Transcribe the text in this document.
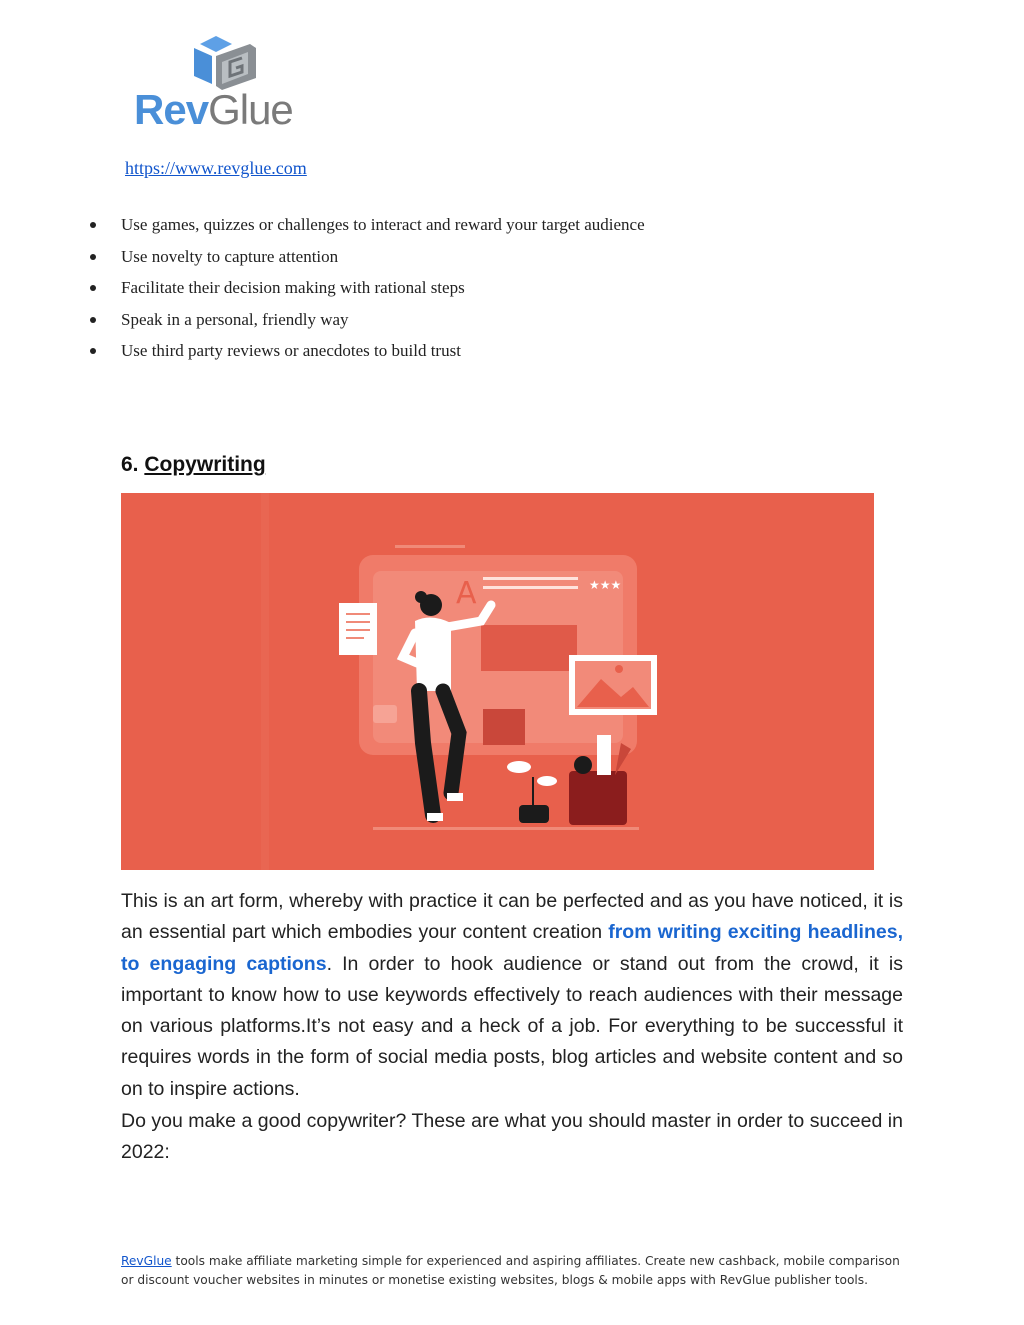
RevGlue
https://www.revglue.com
Use games, quizzes or challenges to interact and reward your target audience
Use novelty to capture attention
Facilitate their decision making with rational steps
Speak in a personal, friendly way
Use third party reviews or anecdotes to build trust
6. Copywriting
A	★★★

This is an art form, whereby with practice it can be perfected and as you have noticed, it is an essential part which embodies your content creation from writing exciting headlines, to engaging captions. In order to hook audience or stand out from the crowd, it is important to know how to use keywords effectively to reach audiences with their message on various platforms.It’s not easy and a heck of a job. For everything to be successful it requires words in the form of social media posts, blog articles and website content and so on to inspire actions.

Do you make a good copywriter? These are what you should master in order to succeed in 2022:

RevGlue tools make affiliate marketing simple for experienced and aspiring affiliates. Create new cashback, mobile comparison or discount voucher websites in minutes or monetise existing websites, blogs & mobile apps with RevGlue publisher tools.
